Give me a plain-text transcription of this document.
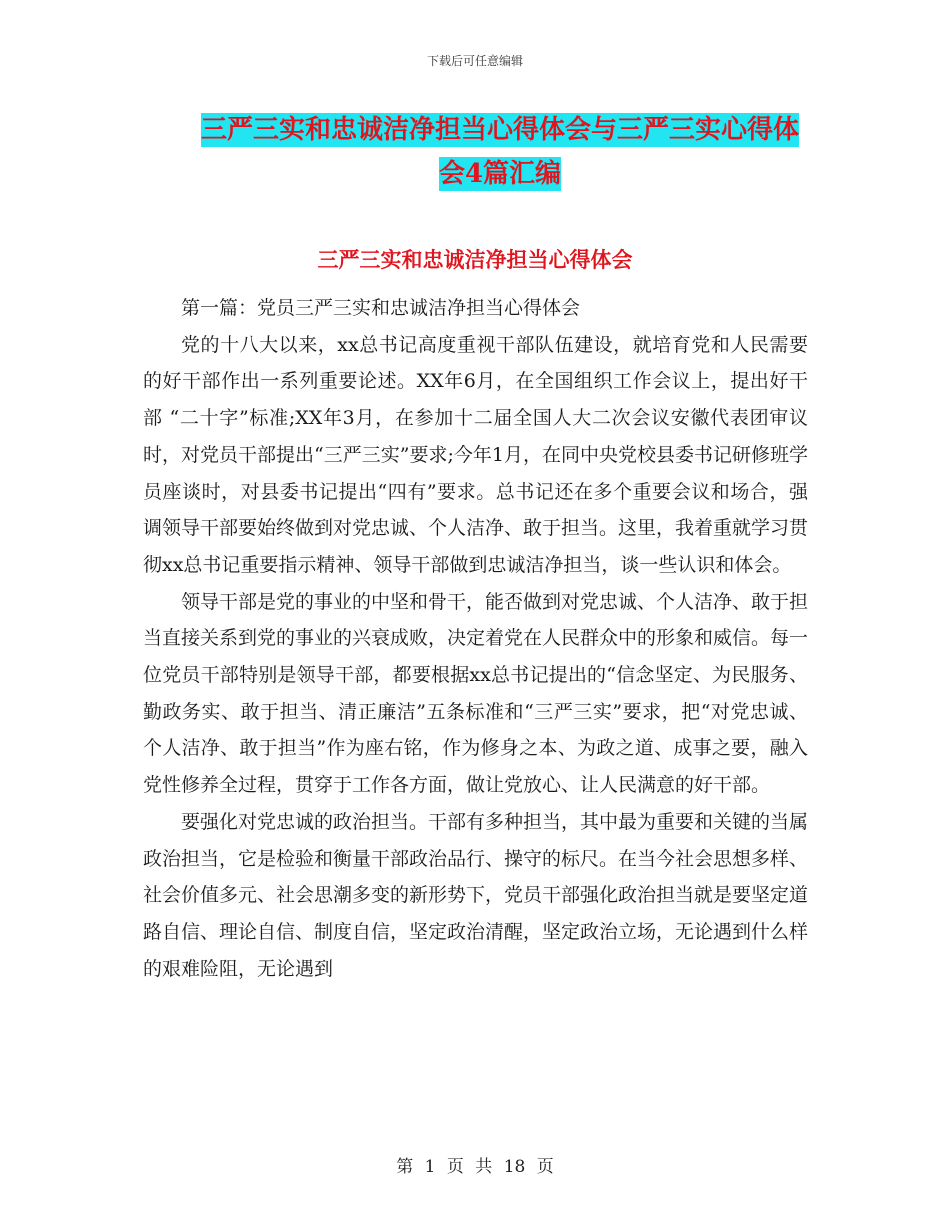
下载后可任意编辑
三严三实和忠诚洁净担当心得体会与三严三实心得体
会4篇汇编
三严三实和忠诚洁净担当心得体会

第一篇：党员三严三实和忠诚洁净担当心得体会

党的十八大以来，xx总书记高度重视干部队伍建设，就培育党和人民需要的好干部作出一系列重要论述。XX年6月，在全国组织工作会议上，提出好干部 “二十字”标准;XX年3月，在参加十二届全国人大二次会议安徽代表团审议时，对党员干部提出“三严三实”要求;今年1月，在同中央党校县委书记研修班学员座谈时，对县委书记提出“四有”要求。总书记还在多个重要会议和场合，强调领导干部要始终做到对党忠诚、个人洁净、敢于担当。这里，我着重就学习贯彻xx总书记重要指示精神、领导干部做到忠诚洁净担当，谈一些认识和体会。

领导干部是党的事业的中坚和骨干，能否做到对党忠诚、个人洁净、敢于担当直接关系到党的事业的兴衰成败，决定着党在人民群众中的形象和威信。每一位党员干部特别是领导干部，都要根据xx总书记提出的“信念坚定、为民服务、勤政务实、敢于担当、清正廉洁”五条标准和“三严三实”要求，把“对党忠诚、个人洁净、敢于担当”作为座右铭，作为修身之本、为政之道、成事之要，融入党性修养全过程，贯穿于工作各方面，做让党放心、让人民满意的好干部。

要强化对党忠诚的政治担当。干部有多种担当，其中最为重要和关键的当属政治担当，它是检验和衡量干部政治品行、操守的标尺。在当今社会思想多样、社会价值多元、社会思潮多变的新形势下，党员干部强化政治担当就是要坚定道路自信、理论自信、制度自信，坚定政治清醒，坚定政治立场，无论遇到什么样的艰难险阻，无论遇到

第 1 页 共 18 页
